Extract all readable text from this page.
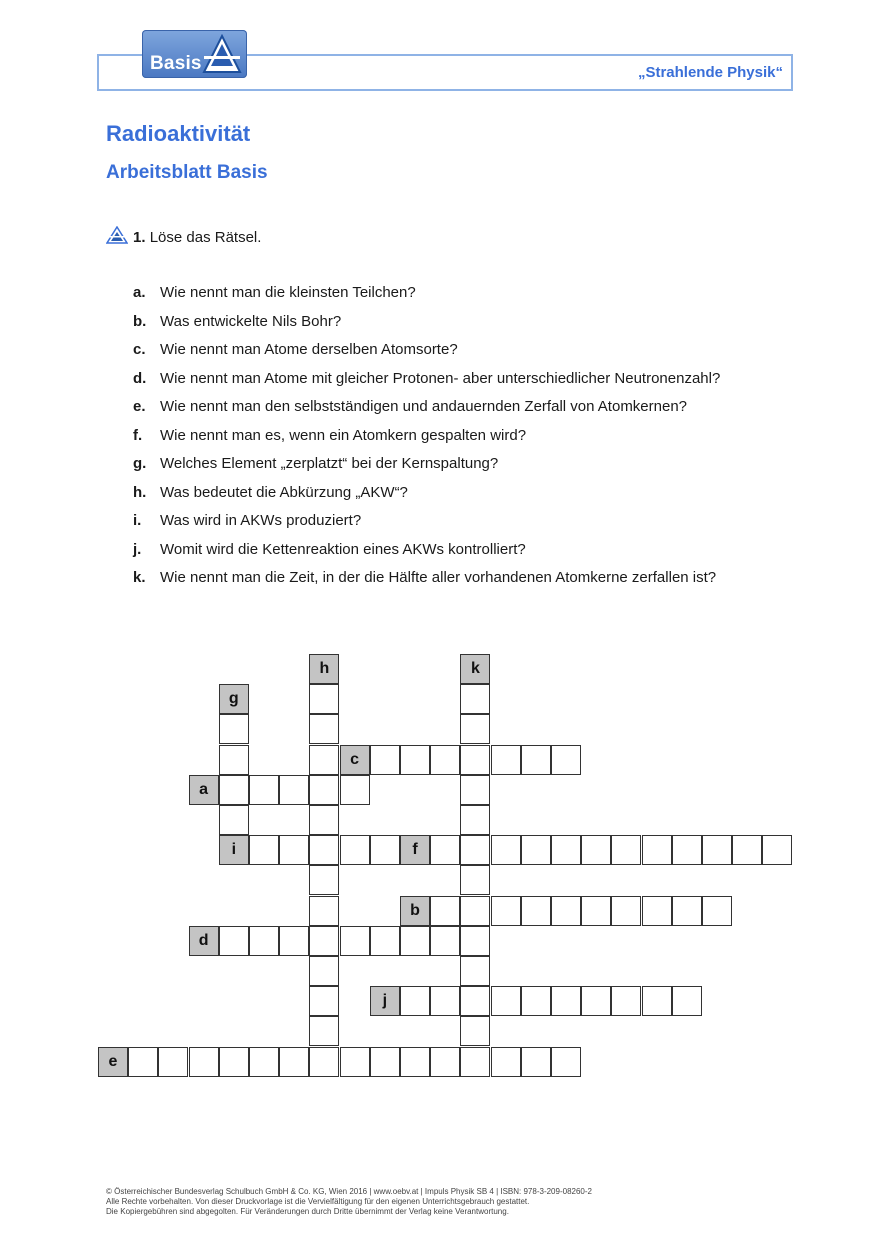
Basis	„Strahlende Physik“
Radioaktivität
Arbeitsblatt Basis
1. Löse das Rätsel.
a. Wie nennt man die kleinsten Teilchen?
b. Was entwickelte Nils Bohr?
c. Wie nennt man Atome derselben Atomsorte?
d. Wie nennt man Atome mit gleicher Protonen- aber unterschiedlicher Neutronenzahl?
e. Wie nennt man den selbstständigen und andauernden Zerfall von Atomkernen?
f. Wie nennt man es, wenn ein Atomkern gespalten wird?
g. Welches Element „zerplatzt“ bei der Kernspaltung?
h. Was bedeutet die Abkürzung „AKW“?
i. Was wird in AKWs produziert?
j. Womit wird die Kettenreaktion eines AKWs kontrolliert?
k. Wie nennt man die Zeit, in der die Hälfte aller vorhandenen Atomkerne zerfallen ist?
h	k
g
i
c
a
f
b
d
j
e
© Österreichischer Bundesverlag Schulbuch GmbH & Co. KG, Wien 2016 | www.oebv.at | Impuls Physik SB 4 | ISBN: 978-3-209-08260-2
Alle Rechte vorbehalten. Von dieser Druckvorlage ist die Vervielfältigung für den eigenen Unterrichtsgebrauch gestattet.
Die Kopiergebühren sind abgegolten. Für Veränderungen durch Dritte übernimmt der Verlag keine Verantwortung.
